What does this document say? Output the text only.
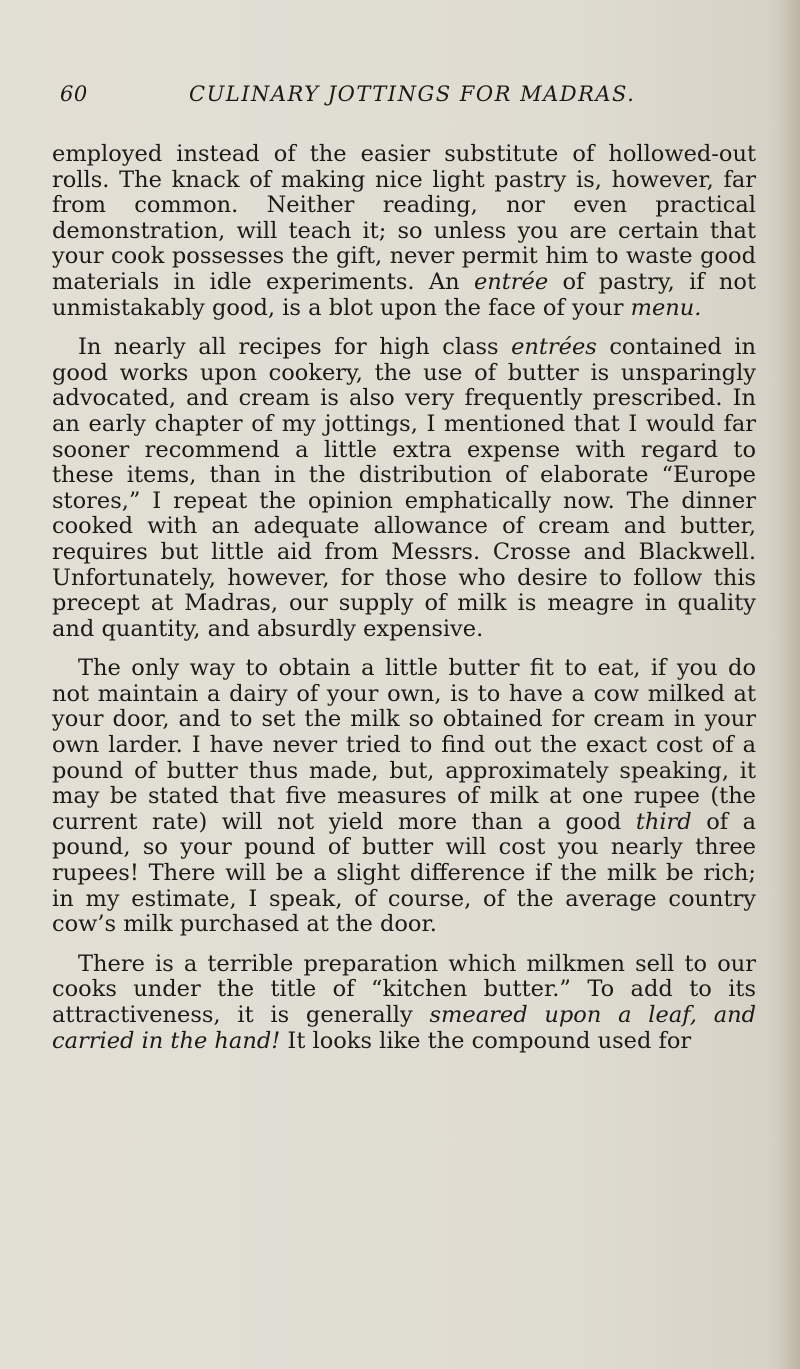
60	CULINARY JOTTINGS FOR MADRAS.

employed instead of the easier substitute of hollowed-out rolls. The knack of making nice light pastry is, however, far from common. Neither reading, nor even practical demonstration, will teach it; so unless you are certain that your cook possesses the gift, never permit him to waste good materials in idle experiments. An entrée of pastry, if not unmistakably good, is a blot upon the face of your menu.

In nearly all recipes for high class entrées contained in good works upon cookery, the use of butter is unsparingly advocated, and cream is also very frequently prescribed. In an early chapter of my jottings, I mentioned that I would far sooner recommend a little extra expense with regard to these items, than in the distribution of elaborate “Europe stores,” I repeat the opinion emphatically now. The dinner cooked with an adequate allowance of cream and butter, requires but little aid from Messrs. Crosse and Blackwell. Unfortunately, however, for those who desire to follow this precept at Madras, our supply of milk is meagre in quality and quantity, and absurdly expensive.

The only way to obtain a little butter fit to eat, if you do not maintain a dairy of your own, is to have a cow milked at your door, and to set the milk so obtained for cream in your own larder. I have never tried to find out the exact cost of a pound of butter thus made, but, approximately speaking, it may be stated that five measures of milk at one rupee (the current rate) will not yield more than a good third of a pound, so your pound of butter will cost you nearly three rupees! There will be a slight difference if the milk be rich; in my estimate, I speak, of course, of the average country cow’s milk purchased at the door.

There is a terrible preparation which milkmen sell to our cooks under the title of “kitchen butter.” To add to its attractiveness, it is generally smeared upon a leaf, and carried in the hand! It looks like the compound used for
